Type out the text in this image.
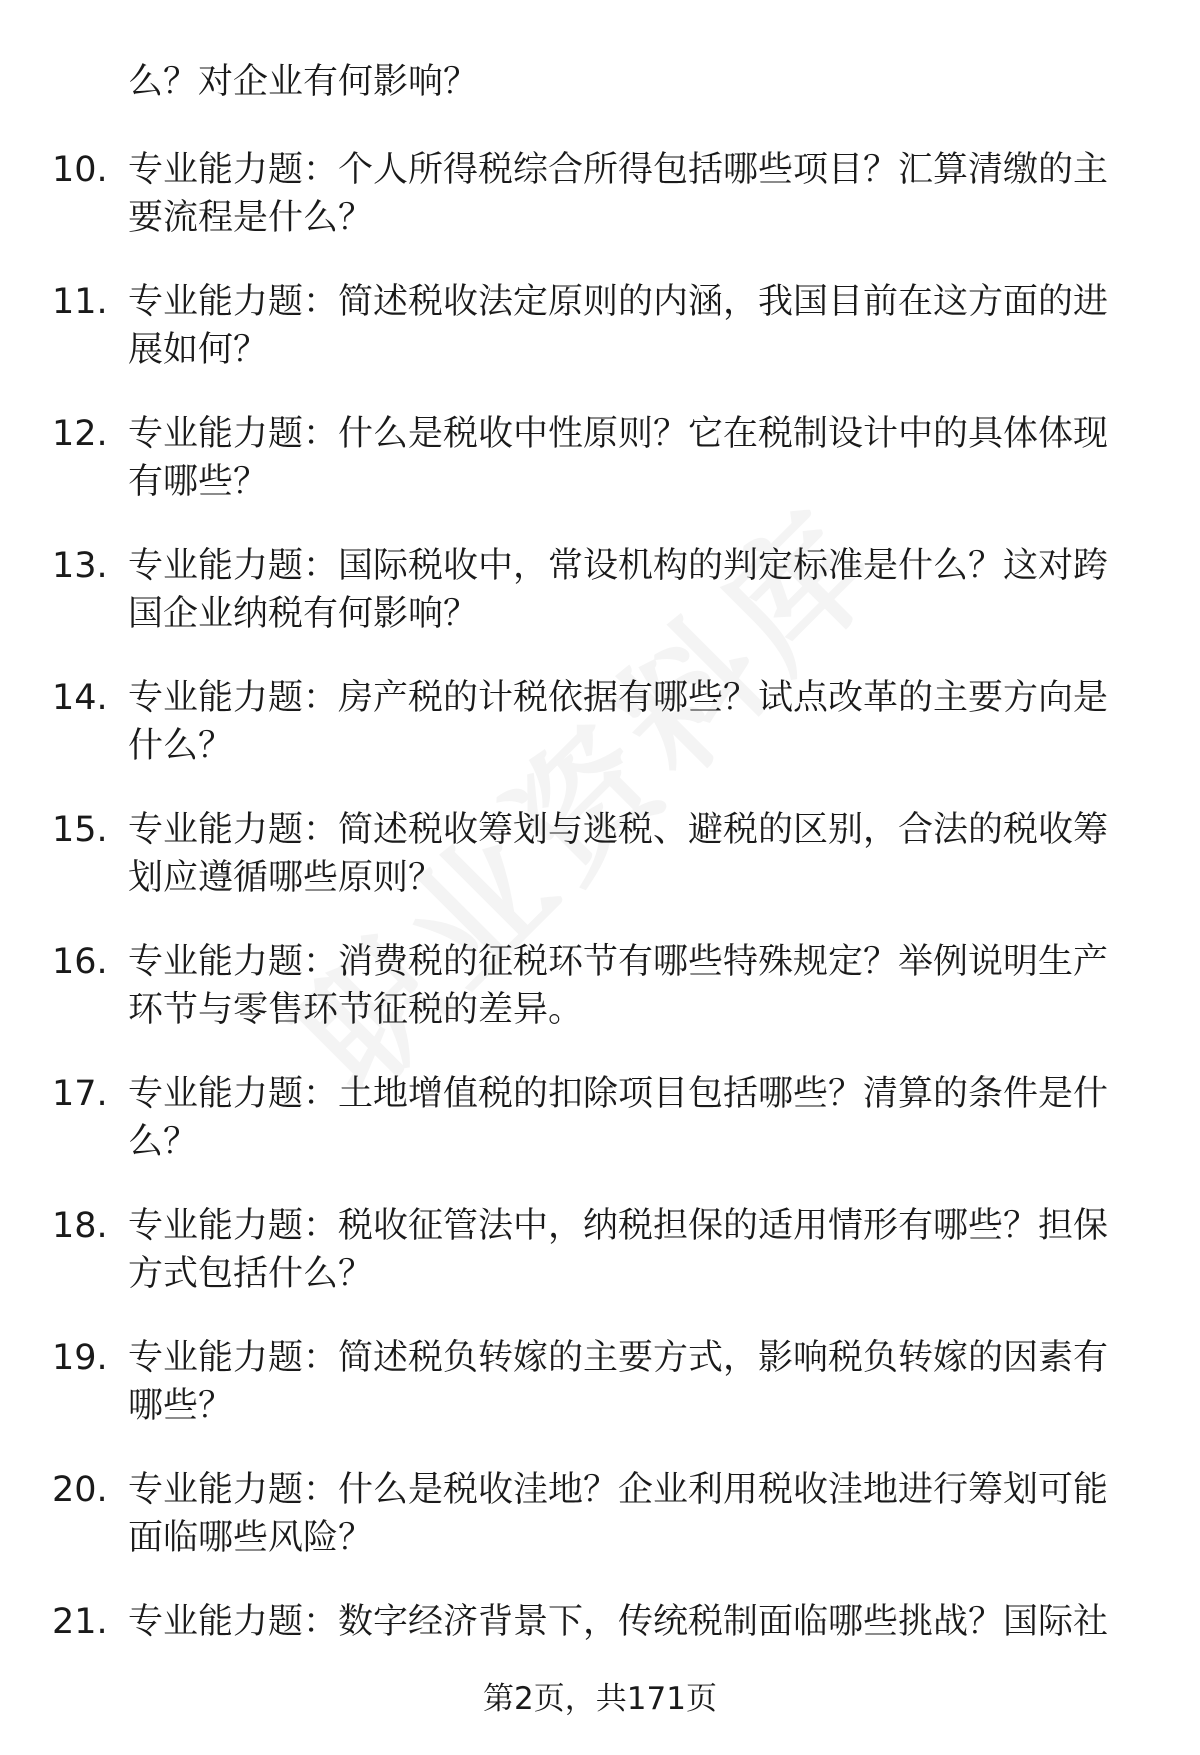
么？对企业有何影响？
10. 专业能力题：个人所得税综合所得包括哪些项目？汇算清缴的主要流程是什么？
11. 专业能力题：简述税收法定原则的内涵，我国目前在这方面的进展如何？
12. 专业能力题：什么是税收中性原则？它在税制设计中的具体体现有哪些？
13. 专业能力题：国际税收中，常设机构的判定标准是什么？这对跨国企业纳税有何影响？
14. 专业能力题：房产税的计税依据有哪些？试点改革的主要方向是什么？
15. 专业能力题：简述税收筹划与逃税、避税的区别，合法的税收筹划应遵循哪些原则？
16. 专业能力题：消费税的征税环节有哪些特殊规定？举例说明生产环节与零售环节征税的差异。
17. 专业能力题：土地增值税的扣除项目包括哪些？清算的条件是什么？
18. 专业能力题：税收征管法中，纳税担保的适用情形有哪些？担保方式包括什么？
19. 专业能力题：简述税负转嫁的主要方式，影响税负转嫁的因素有哪些？
20. 专业能力题：什么是税收洼地？企业利用税收洼地进行筹划可能面临哪些风险？
21. 专业能力题：数字经济背景下，传统税制面临哪些挑战？国际社
第2页，共171页
